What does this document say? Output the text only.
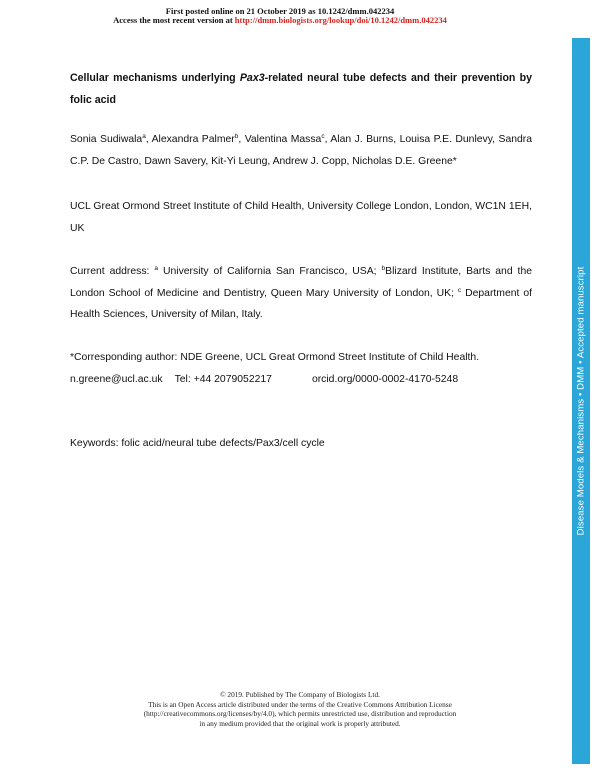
First posted online on 21 October 2019 as 10.1242/dmm.042234
Access the most recent version at http://dmm.biologists.org/lookup/doi/10.1242/dmm.042234
Disease Models & Mechanisms • DMM • Accepted manuscript
Cellular mechanisms underlying Pax3-related neural tube defects and their prevention by folic acid
Sonia Sudiwala$^a$, Alexandra Palmer$^b$, Valentina Massa$^c$, Alan J. Burns, Louisa P.E. Dunlevy, Sandra C.P. De Castro, Dawn Savery, Kit-Yi Leung, Andrew J. Copp, Nicholas D.E. Greene*
UCL Great Ormond Street Institute of Child Health, University College London, London, WC1N 1EH, UK
Current address: $^a$ University of California San Francisco, USA; $^b$Blizard Institute, Barts and the London School of Medicine and Dentistry, Queen Mary University of London, UK; $^c$ Department of Health Sciences, University of Milan, Italy.
*Corresponding author: NDE Greene, UCL Great Ormond Street Institute of Child Health.
n.greene@ucl.ac.uk Tel: +44 2079052217	orcid.org/0000-0002-4170-5248
Keywords: folic acid/neural tube defects/Pax3/cell cycle
© 2019. Published by The Company of Biologists Ltd.
This is an Open Access article distributed under the terms of the Creative Commons Attribution License
(http://creativecommons.org/licenses/by/4.0), which permits unrestricted use, distribution and reproduction
in any medium provided that the original work is properly attributed.
